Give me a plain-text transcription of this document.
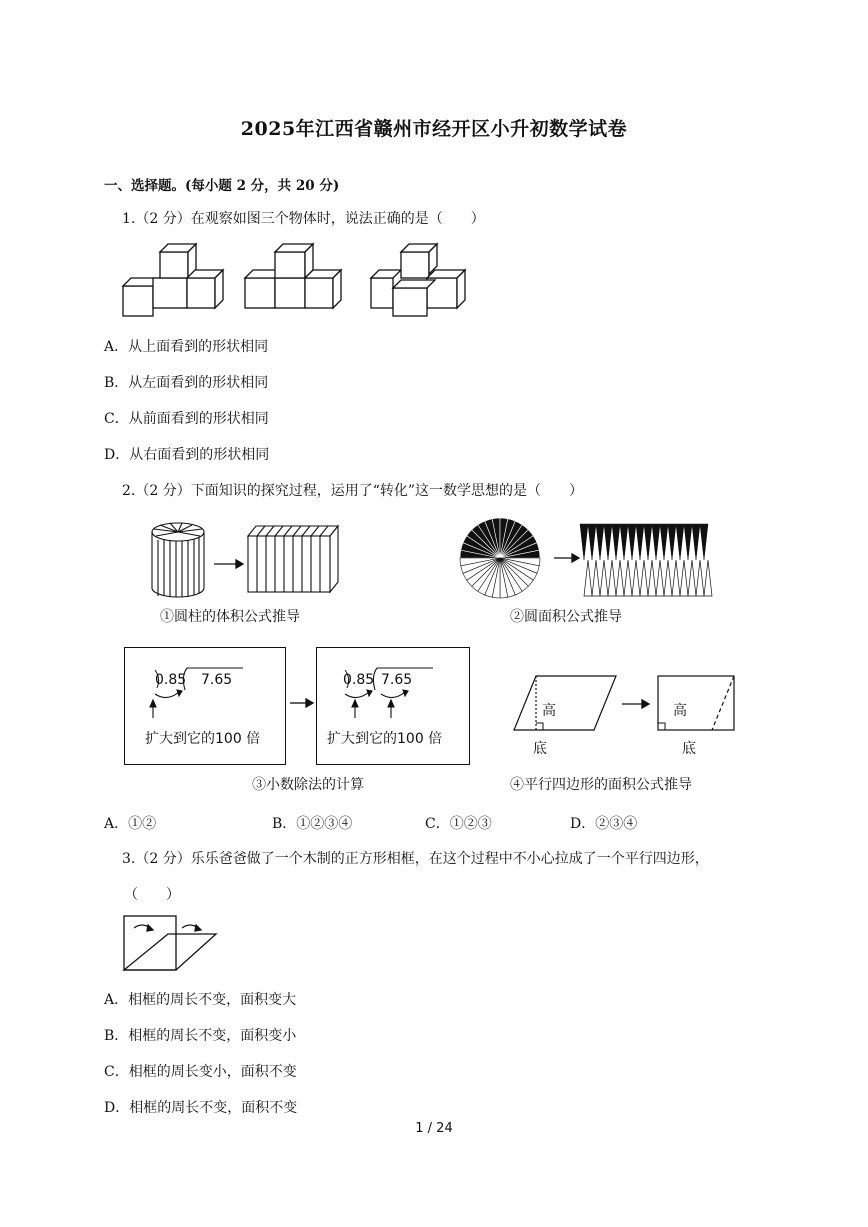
2025年江西省赣州市经开区小升初数学试卷
一、选择题。(每小题 2 分，共 20 分)
1.（2 分）在观察如图三个物体时，说法正确的是（　　）
A．从上面看到的形状相同
B．从左面看到的形状相同
C．从前面看到的形状相同
D．从右面看到的形状相同
2.（2 分）下面知识的探究过程，运用了“转化”这一数学思想的是（　　）
①圆柱的体积公式推导	②圆面积公式推导
0.85 7.65
扩大到它的100 倍
0.85 7.65
扩大到它的100 倍
③小数除法的计算
高
底
高
底
④平行四边形的面积公式推导
A．①②	B．①②③④	C．①②③	D．②③④
3.（2 分）乐乐爸爸做了一个木制的正方形相框，在这个过程中不小心拉成了一个平行四边形，
（　　）
A．相框的周长不变，面积变大
B．相框的周长不变，面积变小
C．相框的周长变小，面积不变
D．相框的周长不变，面积不变
1 / 24
